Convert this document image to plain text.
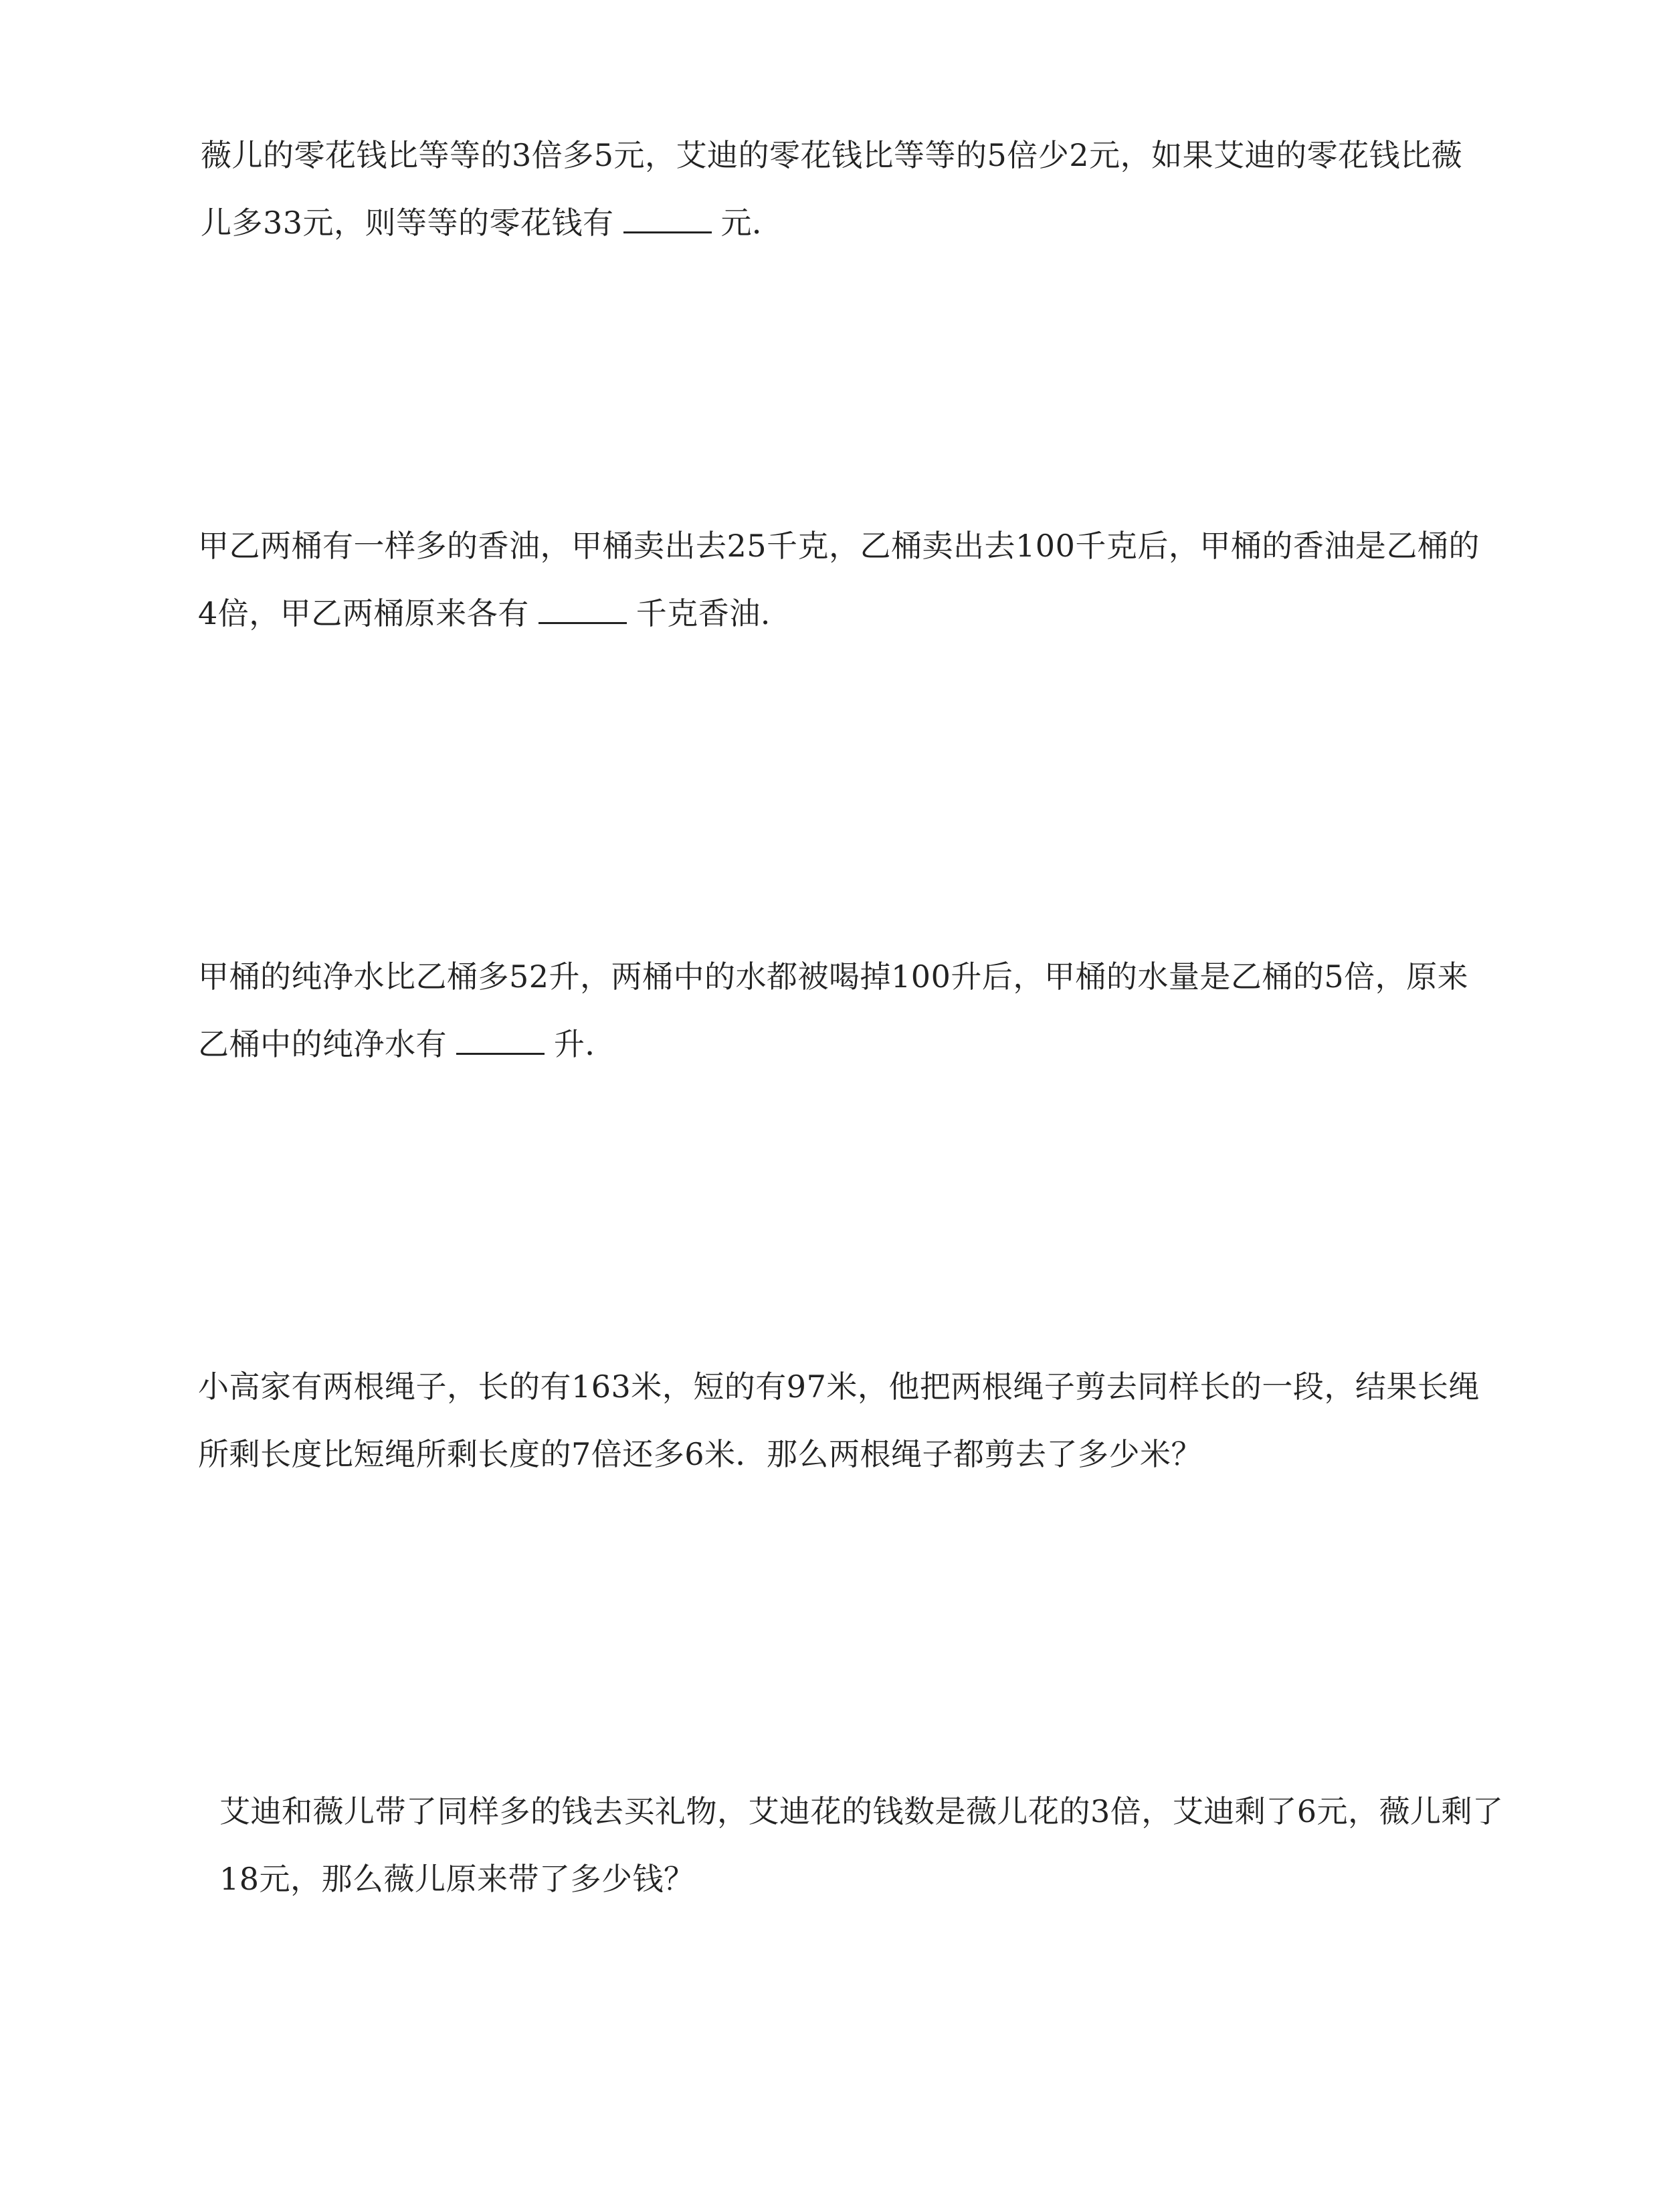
薇儿的零花钱比等等的3倍多5元，艾迪的零花钱比等等的5倍少2元，如果艾迪的零花钱比薇儿多33元，则等等的零花钱有	元．

甲乙两桶有一样多的香油，甲桶卖出去25千克，乙桶卖出去100千克后，甲桶的香油是乙桶的4倍，甲乙两桶原来各有	千克香油.

甲桶的纯净水比乙桶多52升，两桶中的水都被喝掉100升后，甲桶的水量是乙桶的5倍，原来乙桶中的纯净水有	升．

小高家有两根绳子，长的有163米，短的有97米，他把两根绳子剪去同样长的一段，结果长绳所剩长度比短绳所剩长度的7倍还多6米．那么两根绳子都剪去了多少米？

艾迪和薇儿带了同样多的钱去买礼物，艾迪花的钱数是薇儿花的3倍，艾迪剩了6元，薇儿剩了18元，那么薇儿原来带了多少钱？
